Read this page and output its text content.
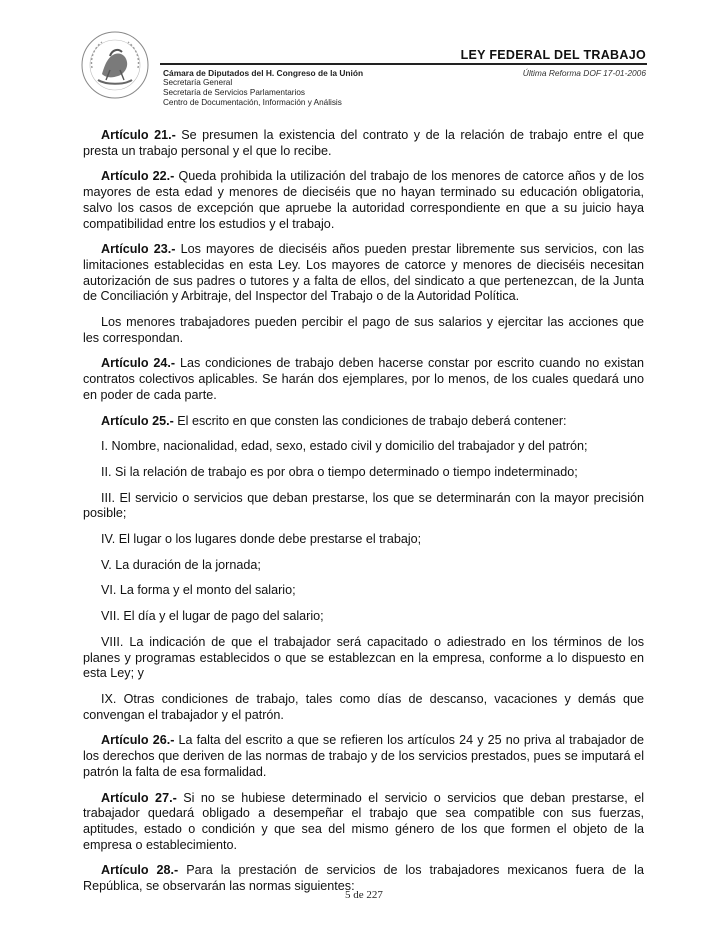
LEY FEDERAL DEL TRABAJO
Cámara de Diputados del H. Congreso de la Unión
Secretaría General
Secretaría de Servicios Parlamentarios
Centro de Documentación, Información y Análisis
Última Reforma DOF 17-01-2006

Artículo 21.- Se presumen la existencia del contrato y de la relación de trabajo entre el que presta un trabajo personal y el que lo recibe.

Artículo 22.- Queda prohibida la utilización del trabajo de los menores de catorce años y de los mayores de esta edad y menores de dieciséis que no hayan terminado su educación obligatoria, salvo los casos de excepción que apruebe la autoridad correspondiente en que a su juicio haya compatibilidad entre los estudios y el trabajo.

Artículo 23.- Los mayores de dieciséis años pueden prestar libremente sus servicios, con las limitaciones establecidas en esta Ley. Los mayores de catorce y menores de dieciséis necesitan autorización de sus padres o tutores y a falta de ellos, del sindicato a que pertenezcan, de la Junta de Conciliación y Arbitraje, del Inspector del Trabajo o de la Autoridad Política.

Los menores trabajadores pueden percibir el pago de sus salarios y ejercitar las acciones que les correspondan.

Artículo 24.- Las condiciones de trabajo deben hacerse constar por escrito cuando no existan contratos colectivos aplicables. Se harán dos ejemplares, por lo menos, de los cuales quedará uno en poder de cada parte.

Artículo 25.- El escrito en que consten las condiciones de trabajo deberá contener:

I. Nombre, nacionalidad, edad, sexo, estado civil y domicilio del trabajador y del patrón;

II. Si la relación de trabajo es por obra o tiempo determinado o tiempo indeterminado;

III. El servicio o servicios que deban prestarse, los que se determinarán con la mayor precisión posible;

IV. El lugar o los lugares donde debe prestarse el trabajo;

V. La duración de la jornada;

VI. La forma y el monto del salario;

VII. El día y el lugar de pago del salario;

VIII. La indicación de que el trabajador será capacitado o adiestrado en los términos de los planes y programas establecidos o que se establezcan en la empresa, conforme a lo dispuesto en esta Ley; y

IX. Otras condiciones de trabajo, tales como días de descanso, vacaciones y demás que convengan el trabajador y el patrón.

Artículo 26.- La falta del escrito a que se refieren los artículos 24 y 25 no priva al trabajador de los derechos que deriven de las normas de trabajo y de los servicios prestados, pues se imputará el patrón la falta de esa formalidad.

Artículo 27.- Si no se hubiese determinado el servicio o servicios que deban prestarse, el trabajador quedará obligado a desempeñar el trabajo que sea compatible con sus fuerzas, aptitudes, estado o condición y que sea del mismo género de los que formen el objeto de la empresa o establecimiento.

Artículo 28.- Para la prestación de servicios de los trabajadores mexicanos fuera de la República, se observarán las normas siguientes:

5 de 227
